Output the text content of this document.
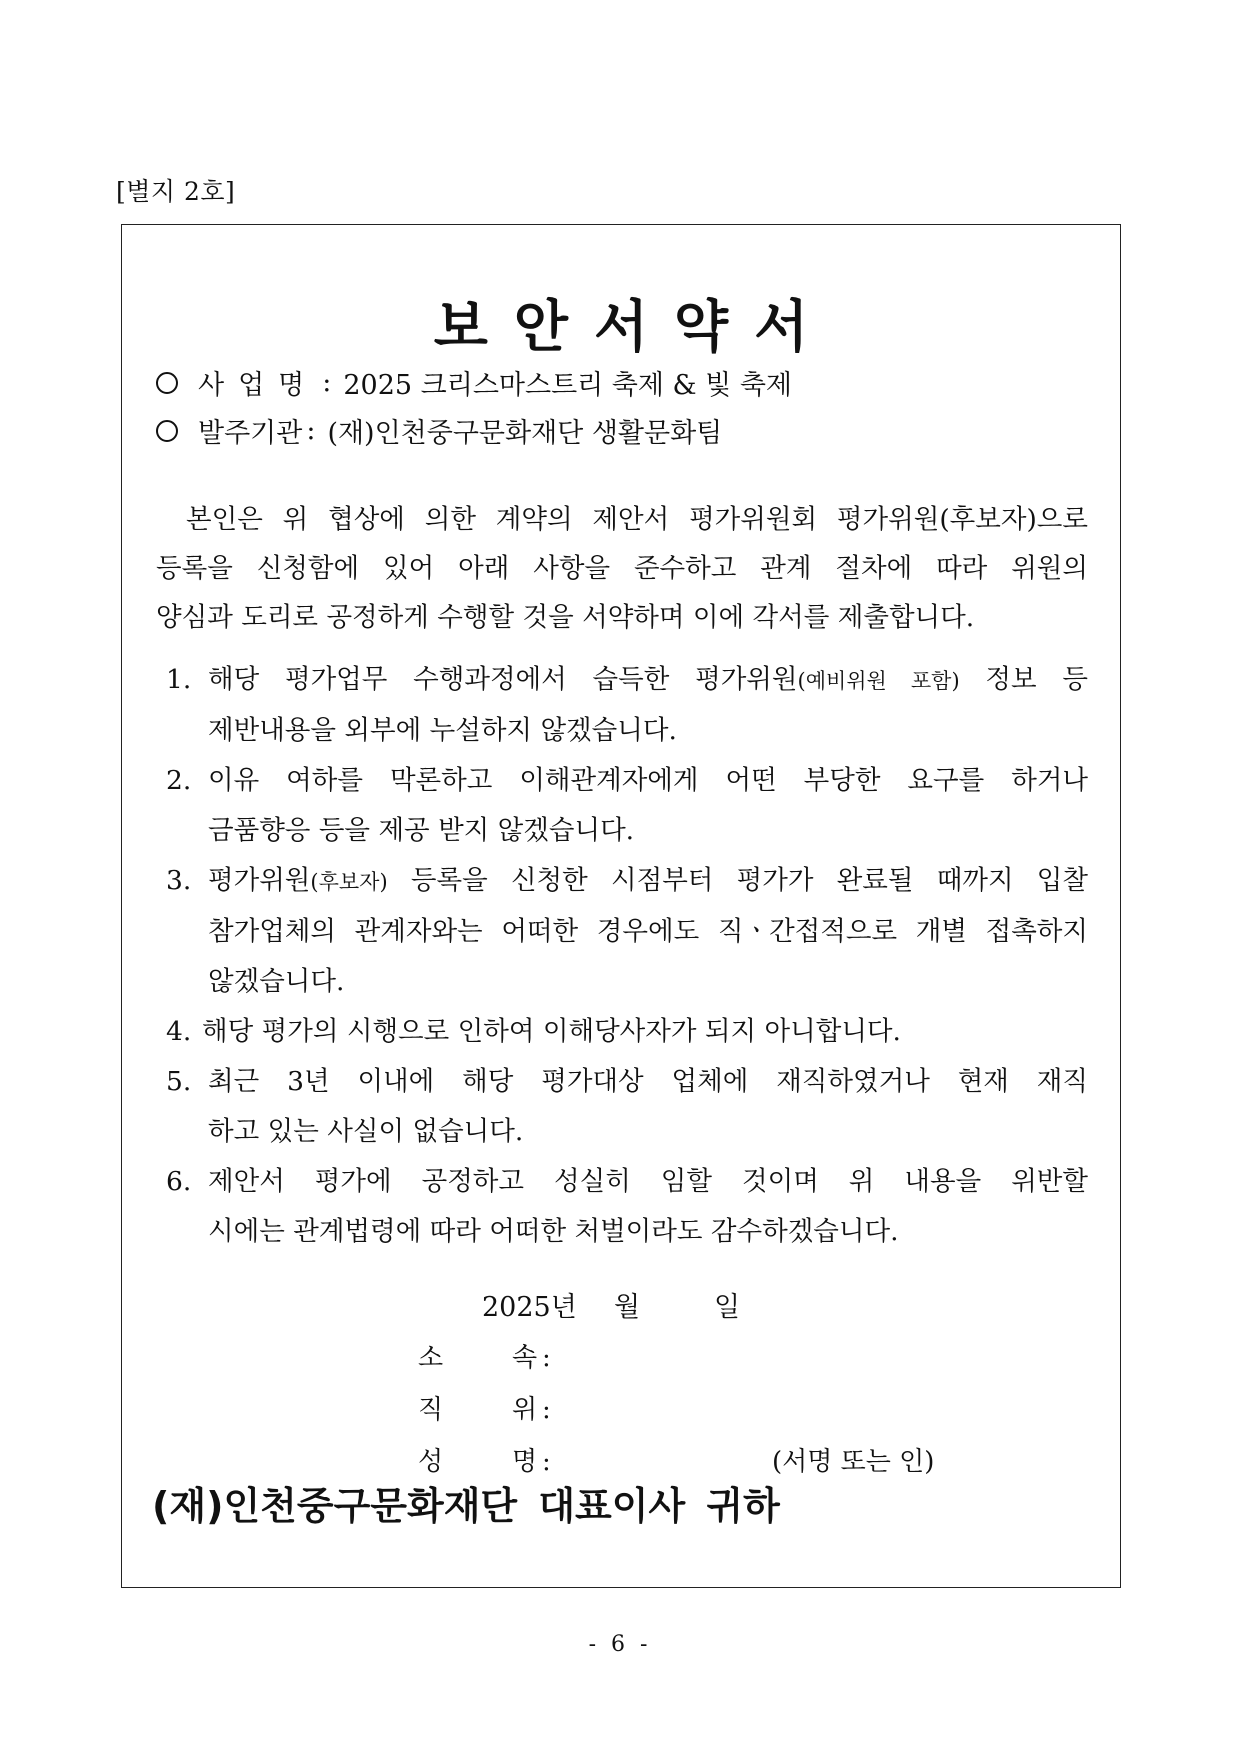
[별지 2호]
보안서약서
사업명 : 2025 크리스마스트리 축제 & 빛 축제
발주기관 : (재)인천중구문화재단 생활문화팀
본인은 위 협상에 의한 계약의 제안서 평가위원회 평가위원(후보자)으로
등록을 신청함에 있어 아래 사항을 준수하고 관계 절차에 따라 위원의
양심과 도리로 공정하게 수행할 것을 서약하며 이에 각서를 제출합니다.
1. 해당 평가업무 수행과정에서 습득한 평가위원(예비위원 포함) 정보 등
제반내용을 외부에 누설하지 않겠습니다.
2. 이유 여하를 막론하고 이해관계자에게 어떤 부당한 요구를 하거나
금품향응 등을 제공 받지 않겠습니다.
3. 평가위원(후보자) 등록을 신청한 시점부터 평가가 완료될 때까지 입찰
참가업체의 관계자와는 어떠한 경우에도 직ㆍ간접적으로 개별 접촉하지
않겠습니다.
4. 해당 평가의 시행으로 인하여 이해당사자가 되지 아니합니다.
5. 최근 3년 이내에 해당 평가대상 업체에 재직하였거나 현재 재직
하고 있는 사실이 없습니다.
6. 제안서 평가에 공정하고 성실히 임할 것이며 위 내용을 위반할
시에는 관계법령에 따라 어떠한 처벌이라도 감수하겠습니다.
2025년	월	일
소	속 :
직	위 :
성	명 :	(서명 또는 인)
(재)인천중구문화재단 대표이사 귀하
- 6 -
